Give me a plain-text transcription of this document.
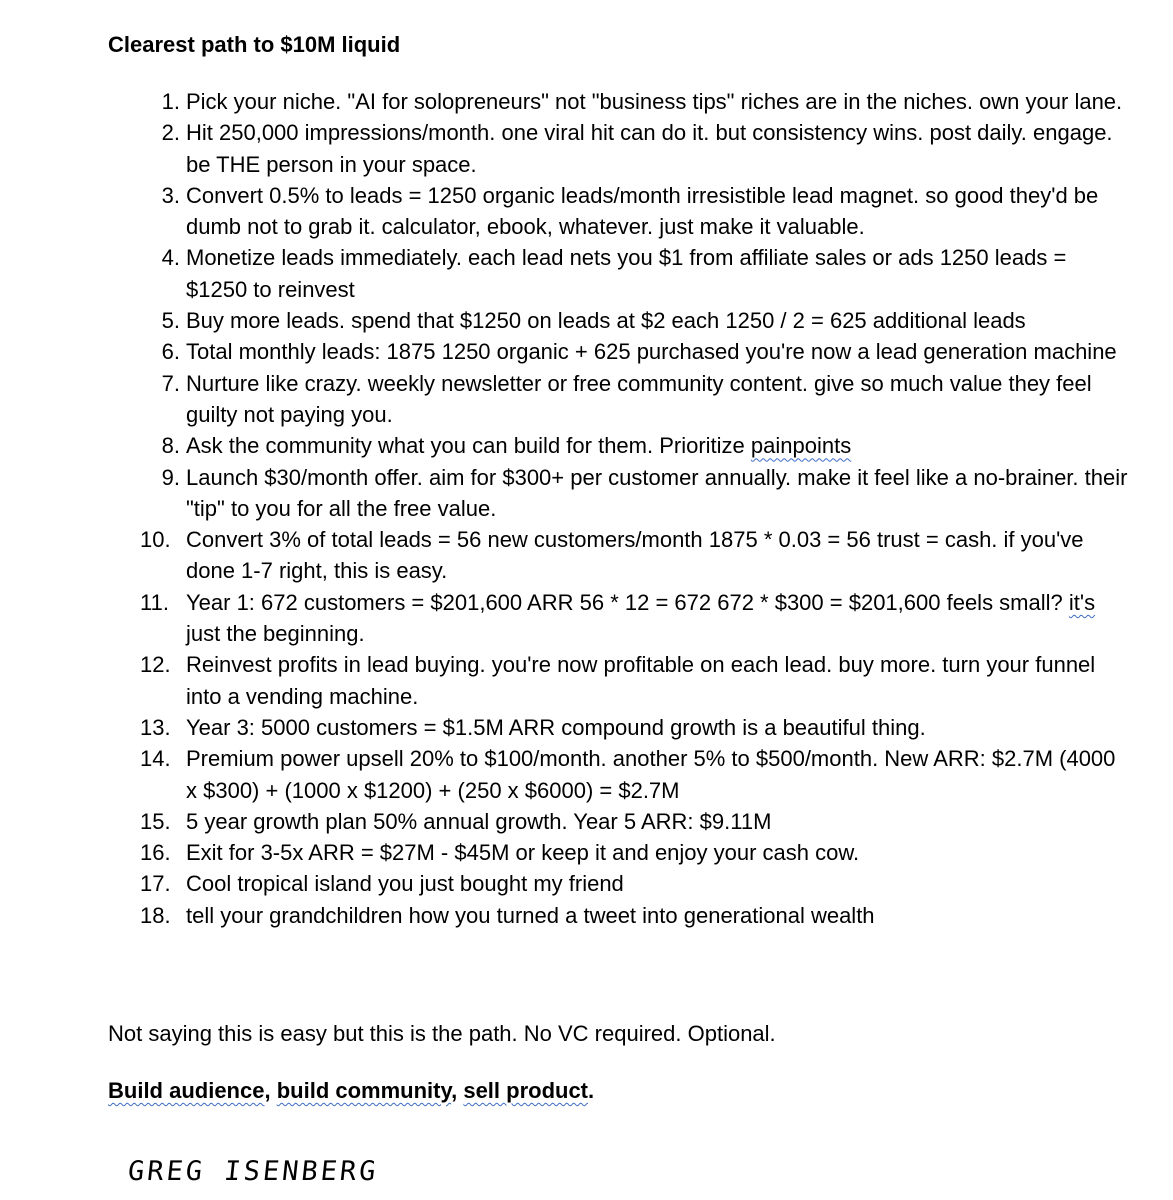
Clearest path to $10M liquid
1. Pick your niche. "AI for solopreneurs" not "business tips" riches are in the niches. own your lane.
2. Hit 250,000 impressions/month. one viral hit can do it. but consistency wins. post daily. engage. be THE person in your space.
3. Convert 0.5% to leads = 1250 organic leads/month irresistible lead magnet. so good they'd be dumb not to grab it. calculator, ebook, whatever. just make it valuable.
4. Monetize leads immediately. each lead nets you $1 from affiliate sales or ads 1250 leads = $1250 to reinvest
5. Buy more leads. spend that $1250 on leads at $2 each 1250 / 2 = 625 additional leads
6. Total monthly leads: 1875 1250 organic + 625 purchased you're now a lead generation machine
7. Nurture like crazy. weekly newsletter or free community content. give so much value they feel guilty not paying you.
8. Ask the community what you can build for them. Prioritize painpoints
9. Launch $30/month offer. aim for $300+ per customer annually. make it feel like a no-brainer. their "tip" to you for all the free value.
10. Convert 3% of total leads = 56 new customers/month 1875 * 0.03 = 56 trust = cash. if you've done 1-7 right, this is easy.
11. Year 1: 672 customers = $201,600 ARR 56 * 12 = 672 672 * $300 = $201,600 feels small? it's just the beginning.
12. Reinvest profits in lead buying. you're now profitable on each lead. buy more. turn your funnel into a vending machine.
13. Year 3: 5000 customers = $1.5M ARR compound growth is a beautiful thing.
14. Premium power upsell 20% to $100/month. another 5% to $500/month. New ARR: $2.7M (4000 x $300) + (1000 x $1200) + (250 x $6000) = $2.7M
15. 5 year growth plan 50% annual growth. Year 5 ARR: $9.11M
16. Exit for 3-5x ARR = $27M - $45M or keep it and enjoy your cash cow.
17. Cool tropical island you just bought my friend
18. tell your grandchildren how you turned a tweet into generational wealth
Not saying this is easy but this is the path. No VC required. Optional.
Build audience, build community, sell product.
GREG ISENBERG
